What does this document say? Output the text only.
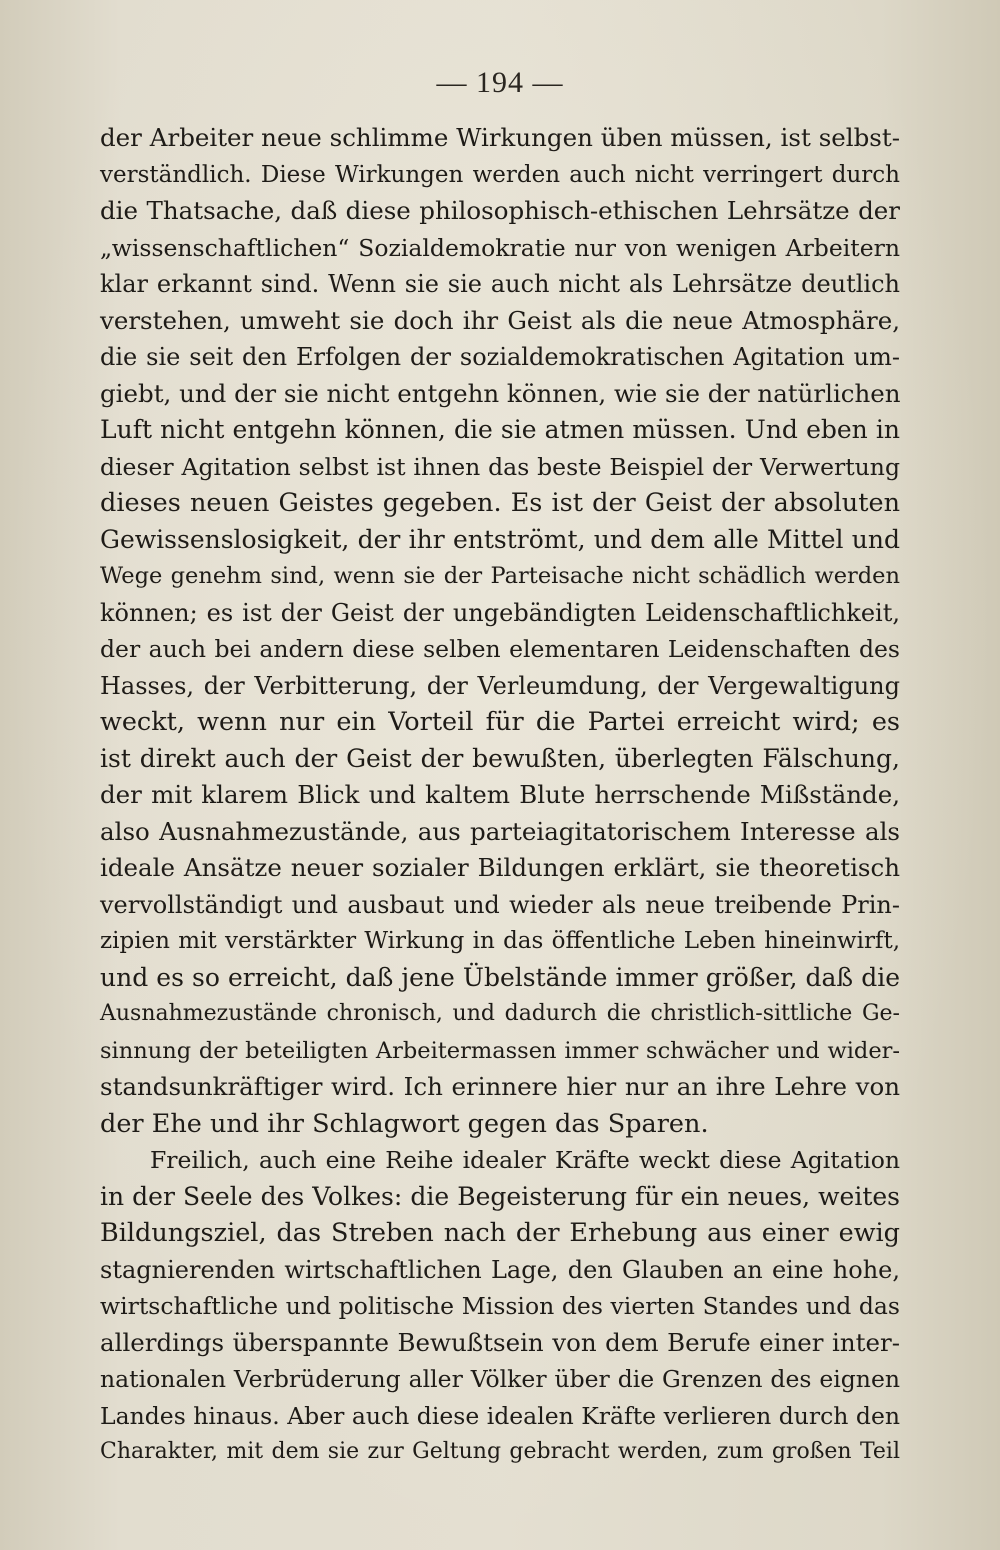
— 194 —
der Arbeiter neue schlimme Wirkungen üben müssen, ist selbst-
verständlich. Diese Wirkungen werden auch nicht verringert durch
die Thatsache, daß diese philosophisch-ethischen Lehrsätze der
„wissenschaftlichen“ Sozialdemokratie nur von wenigen Arbeitern
klar erkannt sind. Wenn sie sie auch nicht als Lehrsätze deutlich
verstehen, umweht sie doch ihr Geist als die neue Atmosphäre,
die sie seit den Erfolgen der sozialdemokratischen Agitation um-
giebt, und der sie nicht entgehn können, wie sie der natürlichen
Luft nicht entgehn können, die sie atmen müssen. Und eben in
dieser Agitation selbst ist ihnen das beste Beispiel der Verwertung
dieses neuen Geistes gegeben. Es ist der Geist der absoluten
Gewissenslosigkeit, der ihr entströmt, und dem alle Mittel und
Wege genehm sind, wenn sie der Parteisache nicht schädlich werden
können; es ist der Geist der ungebändigten Leidenschaftlichkeit,
der auch bei andern diese selben elementaren Leidenschaften des
Hasses, der Verbitterung, der Verleumdung, der Vergewaltigung
weckt, wenn nur ein Vorteil für die Partei erreicht wird; es
ist direkt auch der Geist der bewußten, überlegten Fälschung,
der mit klarem Blick und kaltem Blute herrschende Mißstände,
also Ausnahmezustände, aus parteiagitatorischem Interesse als
ideale Ansätze neuer sozialer Bildungen erklärt, sie theoretisch
vervollständigt und ausbaut und wieder als neue treibende Prin-
zipien mit verstärkter Wirkung in das öffentliche Leben hineinwirft,
und es so erreicht, daß jene Übelstände immer größer, daß die
Ausnahmezustände chronisch, und dadurch die christlich-sittliche Ge-
sinnung der beteiligten Arbeitermassen immer schwächer und wider-
standsunkräftiger wird. Ich erinnere hier nur an ihre Lehre von
der Ehe und ihr Schlagwort gegen das Sparen.
Freilich, auch eine Reihe idealer Kräfte weckt diese Agitation
in der Seele des Volkes: die Begeisterung für ein neues, weites
Bildungsziel, das Streben nach der Erhebung aus einer ewig
stagnierenden wirtschaftlichen Lage, den Glauben an eine hohe,
wirtschaftliche und politische Mission des vierten Standes und das
allerdings überspannte Bewußtsein von dem Berufe einer inter-
nationalen Verbrüderung aller Völker über die Grenzen des eignen
Landes hinaus. Aber auch diese idealen Kräfte verlieren durch den
Charakter, mit dem sie zur Geltung gebracht werden, zum großen Teil
